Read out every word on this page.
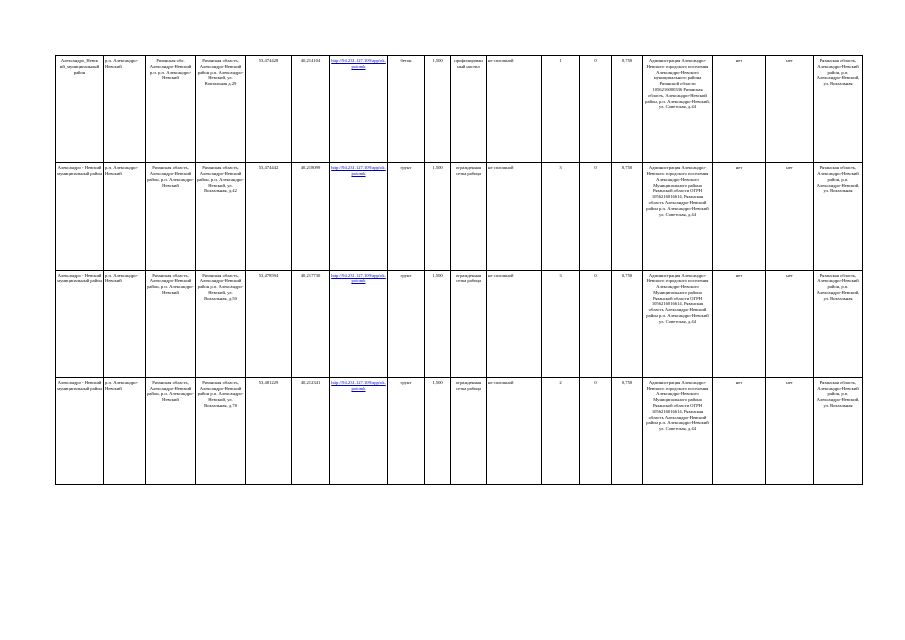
Александро_Невск ий_муниципальный район	р.п. Александро-Невский	Рязанская обл. Александро-Невский р.п. р.п. Александро-Невский	Рязанская область, Александро-Невский район р.п. Александро-Невский, ул. Вокзальная д.29	53,474428	40,214104	http://94.231.127.109/app/ok.potomk	бетон	1,500	профилирован ный настил	не сплошной	1	0	0,750	Администрация Александро-Невского городского поселения Александро-Невского муниципального района Рязанской области 1056216000336 Рязанская область, Александро-Невский район, р.п. Александро-Невский, ул. Советская, д.44	нет	нет	Рязанская область, Александро-Невский район, р.п. Александро-Невский, ул. Вокзальная
Александро - Невский муниципальный район	р.п. Александро-Невский	Рязанская область, Александро-Невский район, р.п. Александро-Невский	Рязанская область, Александро-Невский район, р.п. Александро-Невский, ул. Вокзальная, д.42	53,474442	40,218099	http://94.231.127.109/app/ok.potomk	грунт	1,500	огражденная сетка рабица	не сплошной	3	0	0,750	Администрация Александро-Невского городского поселения Александро-Невского Муниципального района Рязанской области ОГРН 1056216016614, Рязанская область Александро-Невский район р.п. Александро-Невский ул. Советская, д.44	нет	нет	Рязанская область, Александро-Невский район, р.п. Александро-Невский, ул. Вокзальная
Александро - Невский муниципальный район	р.п. Александро-Невский	Рязанская область, Александро-Невский район, р.п. Александро-Невский	Рязанская область, Александро-Невский район р.п. Александро-Невский, ул. Вокзальная, д.50	53,478594	40,217730	http://94.231.127.109/app/ok.potomk	грунт	1,500	огражденная сетка рабица	не сплошной	3	0	0,750	Администрация Александро-Невского городского поселения Александро-Невского Муниципального района Рязанской области ОГРН 1056216016614, Рязанская область Александро-Невский район р.п. Александро-Невский ул. Советская, д.44	нет	нет	Рязанская область, Александро-Невский район, р.п. Александро-Невский, ул. Вокзальная
Александро - Невский муниципальный район	р.п. Александро-Невский	Рязанская область, Александро-Невский район, р.п. Александро-Невский	Рязанская область, Александро-Невский район р.п. Александро-Невский, ул. Вокзальная, д.78	53,481229	40,212341	http://94.231.127.109/app/ok.potomk	грунт	1,500	огражденная сетка рабица	не сплошной	2	0	0,750	Администрация Александро-Невского городского поселения Александро-Невского Муниципального района Рязанской области ОГРН 1056216016614, Рязанская область Александро-Невский район р.п. Александро-Невский ул. Советская, д.44	нет	нет	Рязанская область, Александро-Невский район, р.п. Александро-Невский, ул. Вокзальная
